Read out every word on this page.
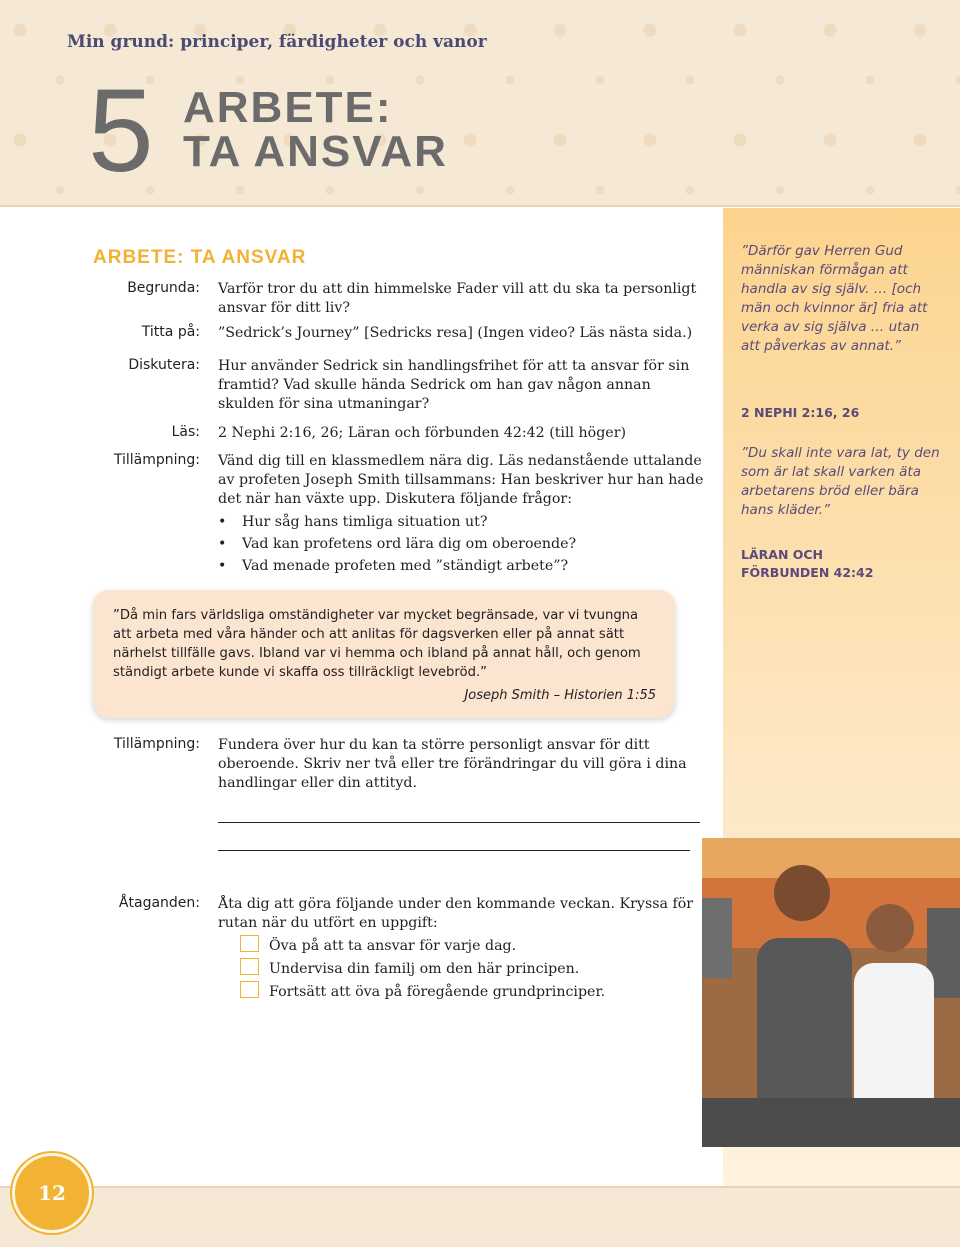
Min grund: principer, färdigheter och vanor
5 ARBETE:
TA ANSVAR
”Därför gav Herren Gud människan förmågan att handla av sig själv. … [och män och kvinnor är] fria att verka av sig själva … utan att påverkas av annat.”
2 NEPHI 2:16, 26
”Du skall inte vara lat, ty den som är lat skall varken äta arbetarens bröd eller bära hans kläder.”
LÄRAN OCH
FÖRBUNDEN 42:42
ARBETE: TA ANSVAR
Begrunda:	Varför tror du att din himmelske Fader vill att du ska ta personligt ansvar för ditt liv?
Titta på:	”Sedrick’s Journey” [Sedricks resa] (Ingen video? Läs nästa sida.)
Diskutera:	Hur använder Sedrick sin handlingsfrihet för att ta ansvar för sin framtid? Vad skulle hända Sedrick om han gav någon annan skulden för sina utmaningar?
Läs:	2 Nephi 2:16, 26; Läran och förbunden 42:42 (till höger)
Tillämpning:	Vänd dig till en klassmedlem nära dig. Läs nedanstående uttalande av profeten Joseph Smith tillsammans: Han beskriver hur han hade det när han växte upp. Diskutera följande frågor:
• Hur såg hans timliga situation ut?
• Vad kan profetens ord lära dig om oberoende?
• Vad menade profeten med ”ständigt arbete”?
”Då min fars världsliga omständigheter var mycket begränsade, var vi tvungna att arbeta med våra händer och att anlitas för dagsverken eller på annat sätt närhelst tillfälle gavs. Ibland var vi hemma och ibland på annat håll, och genom ständigt arbete kunde vi skaffa oss tillräckligt levebröd.”
Joseph Smith – Historien 1:55
Tillämpning:	Fundera över hur du kan ta större personligt ansvar för ditt oberoende. Skriv ner två eller tre förändringar du vill göra i dina handlingar eller din attityd.
Åtaganden:	Åta dig att göra följande under den kommande veckan. Kryssa för rutan när du utfört en uppgift:
Öva på att ta ansvar för varje dag.
Undervisa din familj om den här principen.
Fortsätt att öva på föregående grundprinciper.
12
